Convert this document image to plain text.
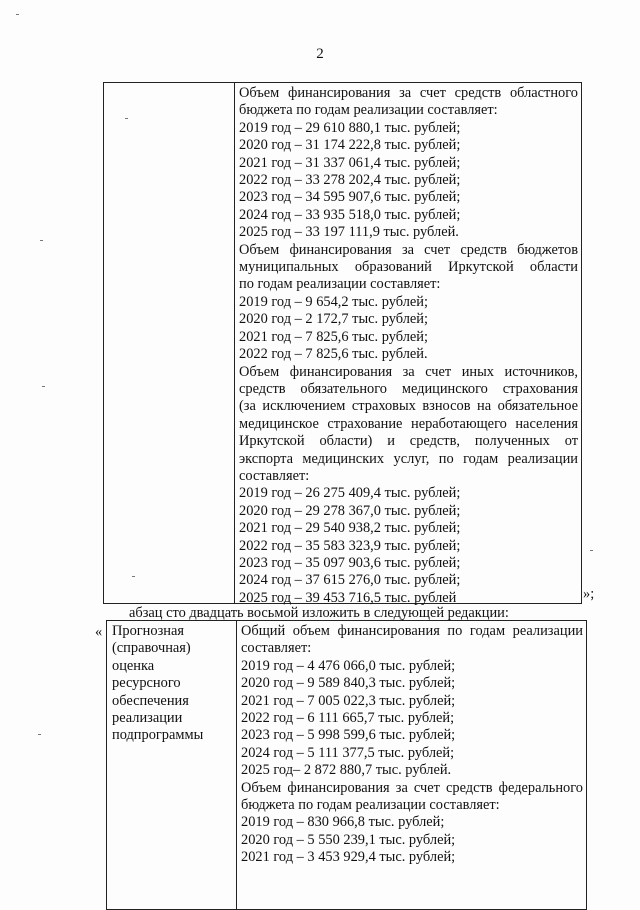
2
Объем финансирования за счет средств областного
бюджета по годам реализации составляет:
2019 год – 29 610 880,1 тыс. рублей;
2020 год – 31 174 222,8 тыс. рублей;
2021 год – 31 337 061,4 тыс. рублей;
2022 год – 33 278 202,4 тыс. рублей;
2023 год – 34 595 907,6 тыс. рублей;
2024 год – 33 935 518,0 тыс. рублей;
2025 год – 33 197 111,9 тыс. рублей.
Объем финансирования за счет средств бюджетов
муниципальных образований Иркутской области
по годам реализации составляет:
2019 год – 9 654,2 тыс. рублей;
2020 год – 2 172,7 тыс. рублей;
2021 год – 7 825,6 тыс. рублей;
2022 год – 7 825,6 тыс. рублей.
Объем финансирования за счет иных источников,
средств обязательного медицинского страхования
(за исключением страховых взносов на обязательное
медицинское страхование неработающего населения
Иркутской области) и средств, полученных от
экспорта медицинских услуг, по годам реализации
составляет:
2019 год – 26 275 409,4 тыс. рублей;
2020 год – 29 278 367,0 тыс. рублей;
2021 год – 29 540 938,2 тыс. рублей;
2022 год – 35 583 323,9 тыс. рублей;
2023 год – 35 097 903,6 тыс. рублей;
2024 год – 37 615 276,0 тыс. рублей;
2025 год – 39 453 716,5 тыс. рублей	»;
абзац сто двадцать восьмой изложить в следующей редакции:
« Прогнозная
(справочная)
оценка
ресурсного
обеспечения
реализации
подпрограммы
Общий объем финансирования по годам реализации
составляет:
2019 год – 4 476 066,0 тыс. рублей;
2020 год – 9 589 840,3 тыс. рублей;
2021 год – 7 005 022,3 тыс. рублей;
2022 год – 6 111 665,7 тыс. рублей;
2023 год – 5 998 599,6 тыс. рублей;
2024 год – 5 111 377,5 тыс. рублей;
2025 год– 2 872 880,7 тыс. рублей.
Объем финансирования за счет средств федерального
бюджета по годам реализации составляет:
2019 год – 830 966,8 тыс. рублей;
2020 год – 5 550 239,1 тыс. рублей;
2021 год – 3 453 929,4 тыс. рублей;
